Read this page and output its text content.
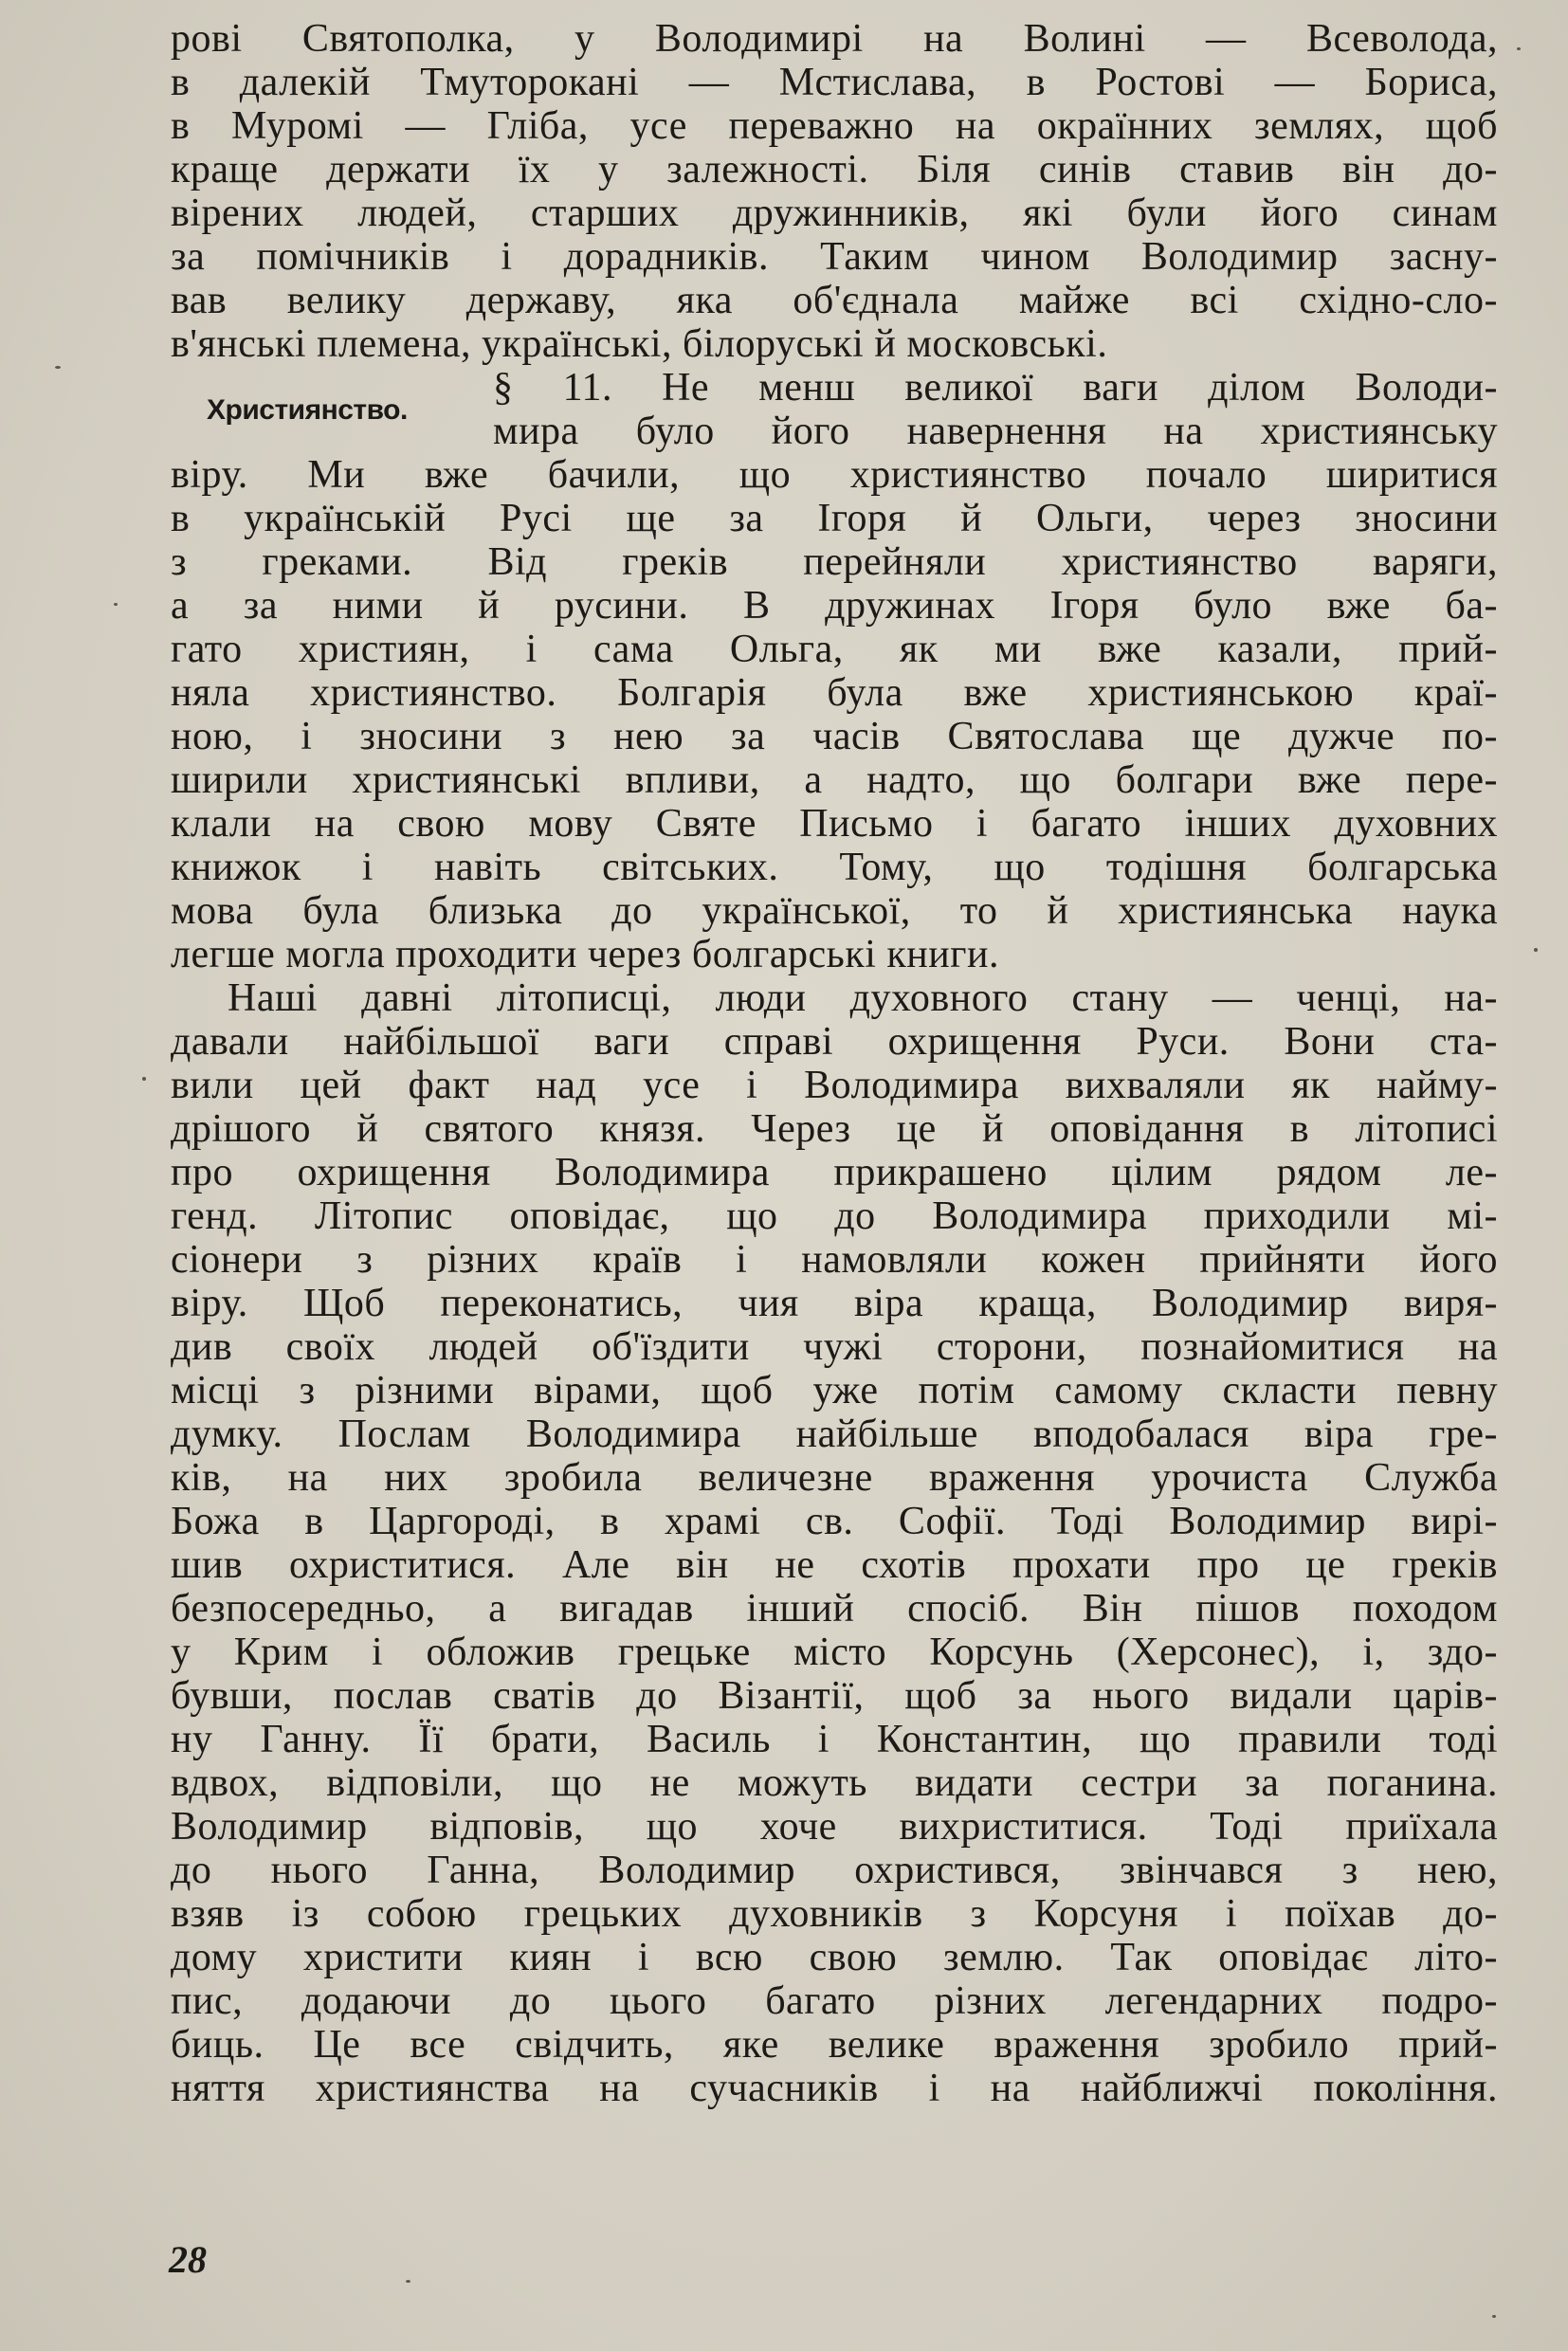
рові Святополка, у Володимирі на Волині — Всеволода,
в далекій Тмуторокані — Мстислава, в Ростові — Бориса,
в Муромі — Гліба, усе переважно на окраїнних землях, щоб
краще держати їх у залежності. Біля синів ставив він до-
вірених людей, старших дружинників, які були його синам
за помічників і дорадників. Таким чином Володимир засну-
вав велику державу, яка об'єднала майже всі східно-сло-
в'янські племена, українські, білоруські й московські.
Християнство.
§ 11. Не менш великої ваги ділом Володи-
мира було його навернення на християнську
віру. Ми вже бачили, що християнство почало ширитися
в українській Русі ще за Ігоря й Ольги, через зносини
з греками. Від греків перейняли християнство варяги,
а за ними й русини. В дружинах Ігоря було вже ба-
гато християн, і сама Ольга, як ми вже казали, прий-
няла християнство. Болгарія була вже християнською краї-
ною, і зносини з нею за часів Святослава ще дужче по-
ширили християнські впливи, а надто, що болгари вже пере-
клали на свою мову Святе Письмо і багато інших духовних
книжок і навіть світських. Тому, що тодішня болгарська
мова була близька до української, то й християнська наука
легше могла проходити через болгарські книги.
Наші давні літописці, люди духовного стану — ченці, на-
давали найбільшої ваги справі охрищення Руси. Вони ста-
вили цей факт над усе і Володимира вихваляли як найму-
дрішого й святого князя. Через це й оповідання в літописі
про охрищення Володимира прикрашено цілим рядом ле-
генд. Літопис оповідає, що до Володимира приходили мі-
сіонери з різних країв і намовляли кожен прийняти його
віру. Щоб переконатись, чия віра краща, Володимир виря-
див своїх людей об'їздити чужі сторони, познайомитися на
місці з різними вірами, щоб уже потім самому скласти певну
думку. Послам Володимира найбільше вподобалася віра гре-
ків, на них зробила величезне враження урочиста Служба
Божа в Царгороді, в храмі св. Софії. Тоді Володимир вирі-
шив охриститися. Але він не схотів прохати про це греків
безпосередньо, а вигадав інший спосіб. Він пішов походом
у Крим і обложив грецьке місто Корсунь (Херсонес), і, здо-
бувши, послав сватів до Візантії, щоб за нього видали царів-
ну Ганну. Її брати, Василь і Константин, що правили тоді
вдвох, відповіли, що не можуть видати сестри за поганина.
Володимир відповів, що хоче вихриститися. Тоді приїхала
до нього Ганна, Володимир охристився, звінчався з нею,
взяв із собою грецьких духовників з Корсуня і поїхав до-
дому христити киян і всю свою землю. Так оповідає літо-
пис, додаючи до цього багато різних легендарних подро-
биць. Це все свідчить, яке велике враження зробило прий-
няття християнства на сучасників і на найближчі покоління.
28
